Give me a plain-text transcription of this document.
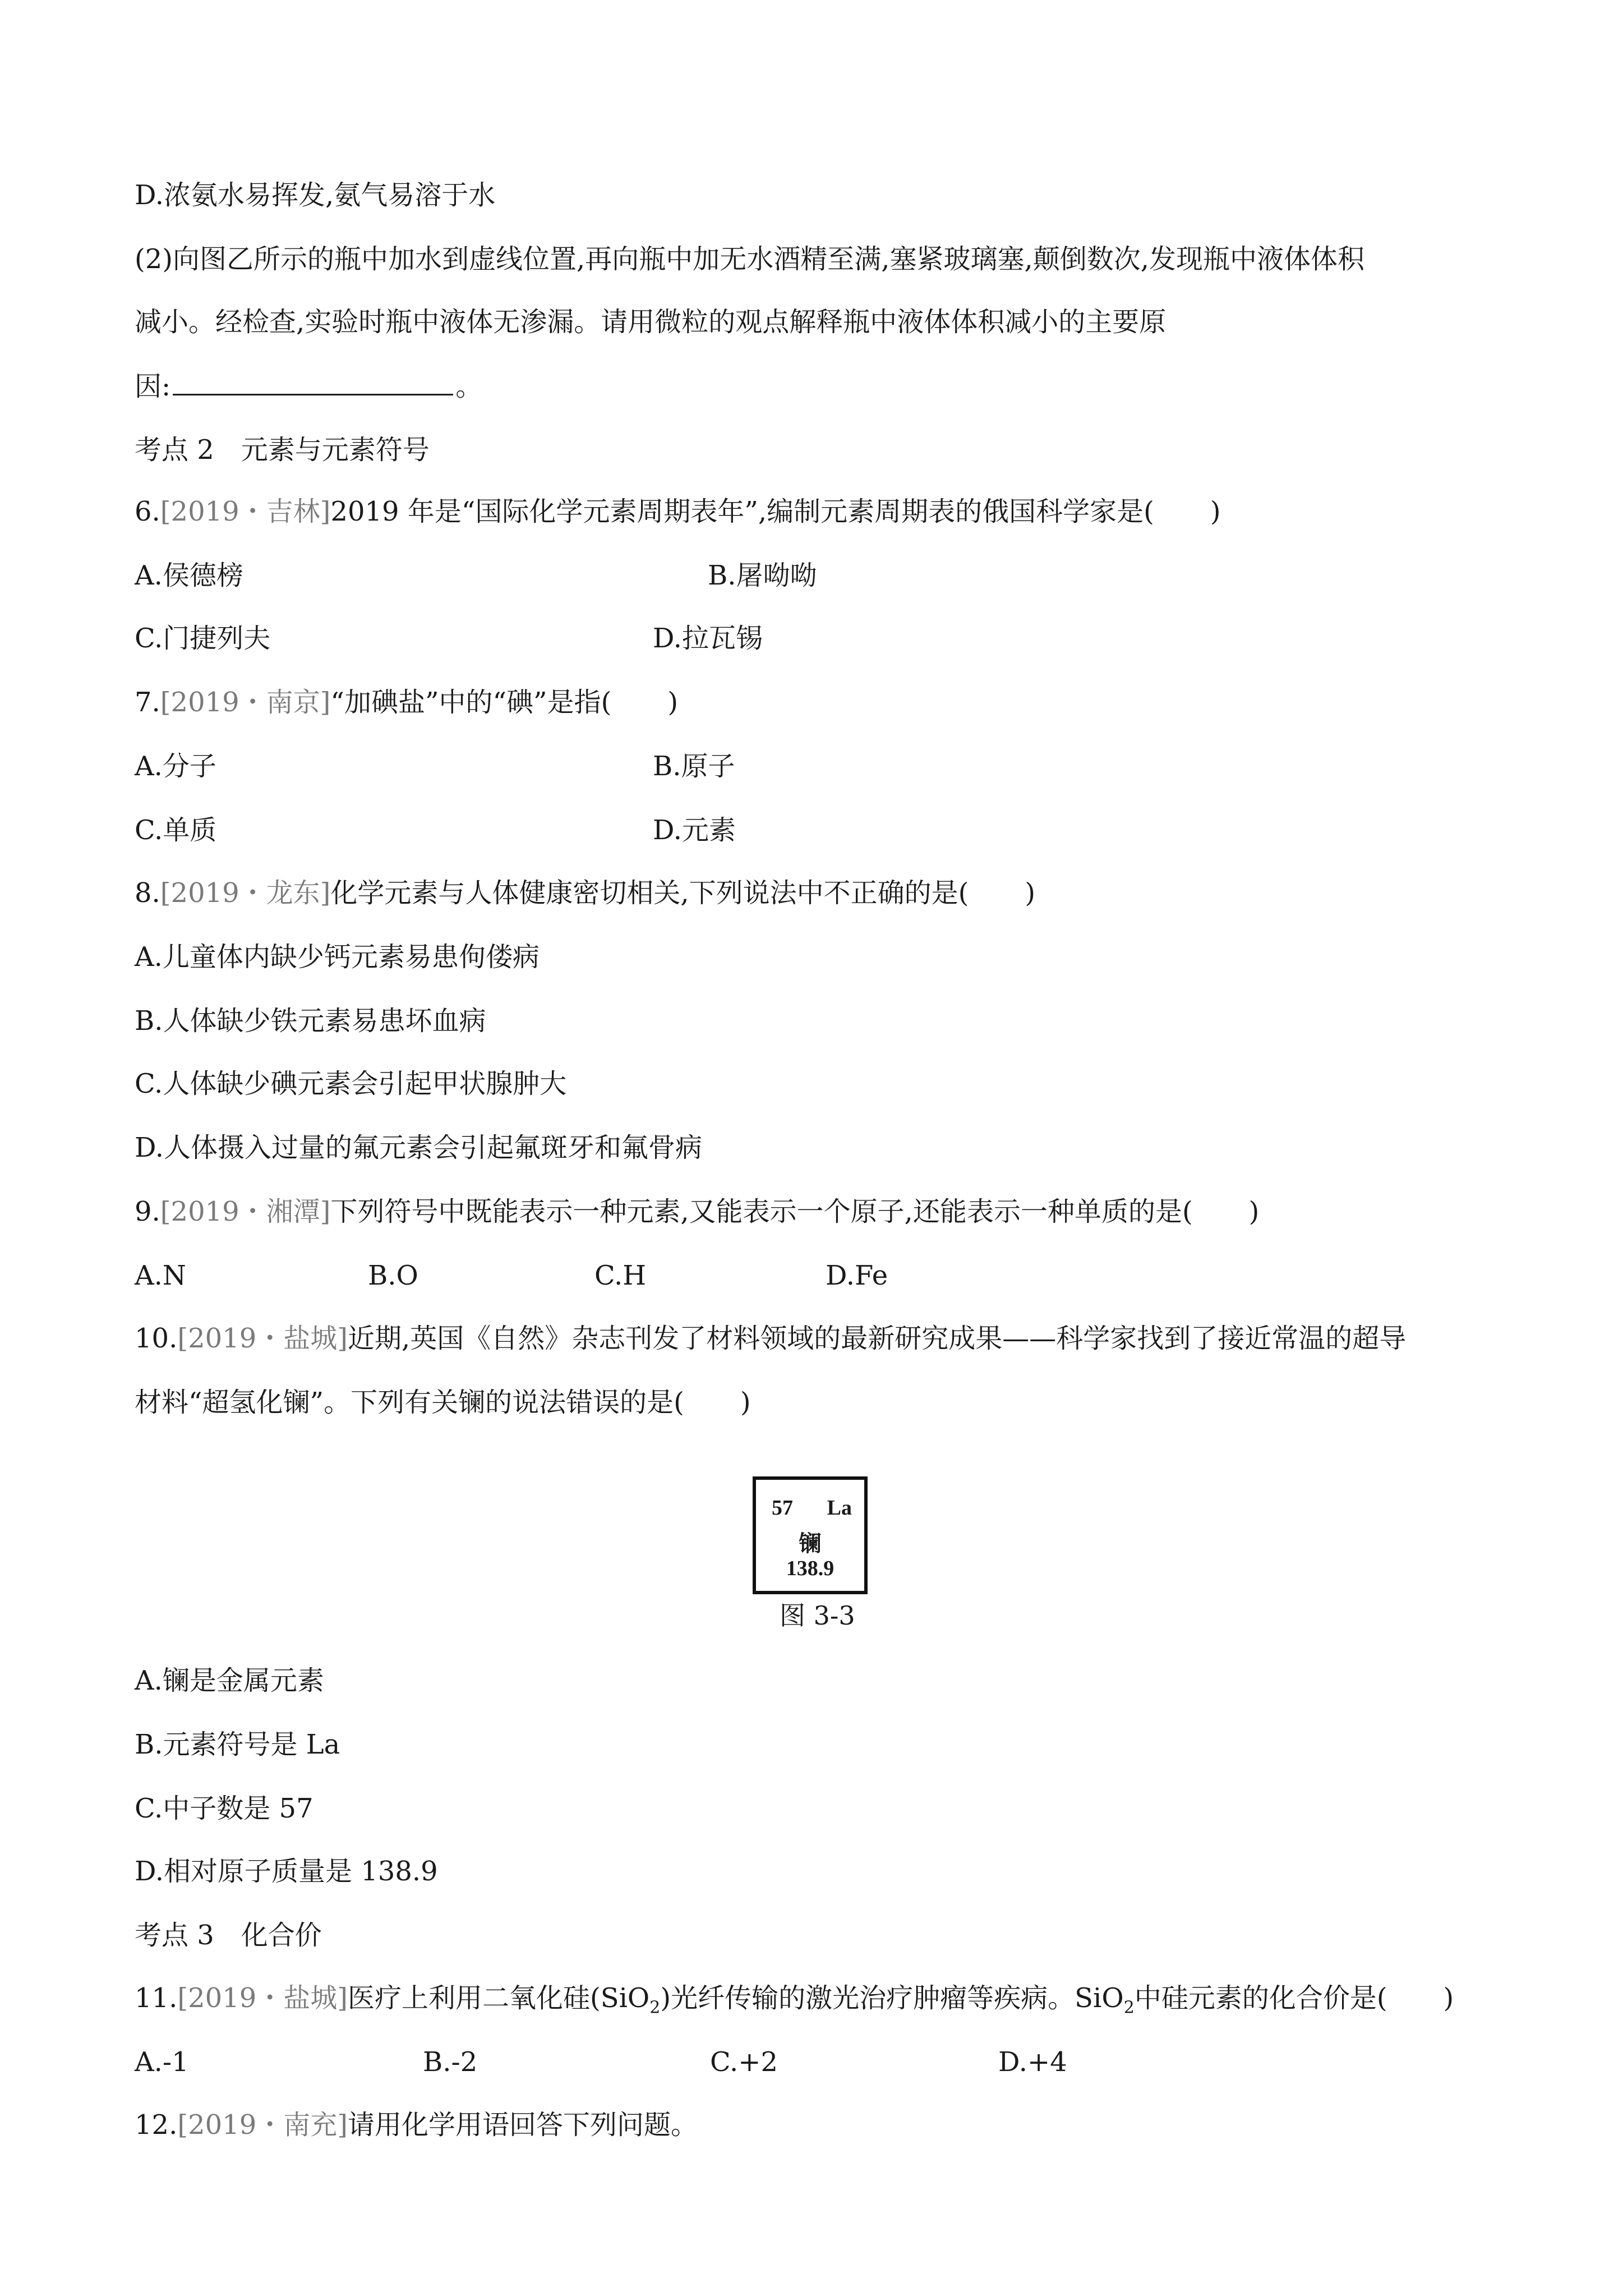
D.浓氨水易挥发,氨气易溶于水
(2)向图乙所示的瓶中加水到虚线位置,再向瓶中加无水酒精至满,塞紧玻璃塞,颠倒数次,发现瓶中液体体积
减小。经检查,实验时瓶中液体无渗漏。请用微粒的观点解释瓶中液体体积减小的主要原
因:	。
考点 2　元素与元素符号
6.[2019・吉林]2019 年是“国际化学元素周期表年”,编制元素周期表的俄国科学家是( )
A.侯德榜	B.屠呦呦
C.门捷列夫	D.拉瓦锡
7.[2019・南京]“加碘盐”中的“碘”是指( )
A.分子	B.原子
C.单质	D.元素
8.[2019・龙东]化学元素与人体健康密切相关,下列说法中不正确的是( )
A.儿童体内缺少钙元素易患佝偻病
B.人体缺少铁元素易患坏血病
C.人体缺少碘元素会引起甲状腺肿大
D.人体摄入过量的氟元素会引起氟斑牙和氟骨病
9.[2019・湘潭]下列符号中既能表示一种元素,又能表示一个原子,还能表示一种单质的是( )
A.N	B.O	C.H	D.Fe
10.[2019・盐城]近期,英国《自然》杂志刊发了材料领域的最新研究成果——科学家找到了接近常温的超导
材料“超氢化镧”。下列有关镧的说法错误的是( )
57 La
镧
138.9
图 3-3
A.镧是金属元素
B.元素符号是 La
C.中子数是 57
D.相对原子质量是 138.9
考点 3　化合价
11.[2019・盐城]医疗上利用二氧化硅(SiO$_2$)光纤传输的激光治疗肿瘤等疾病。SiO$_2$中硅元素的化合价是( )
A.-1	B.-2	C.+2	D.+4
12.[2019・南充]请用化学用语回答下列问题。
